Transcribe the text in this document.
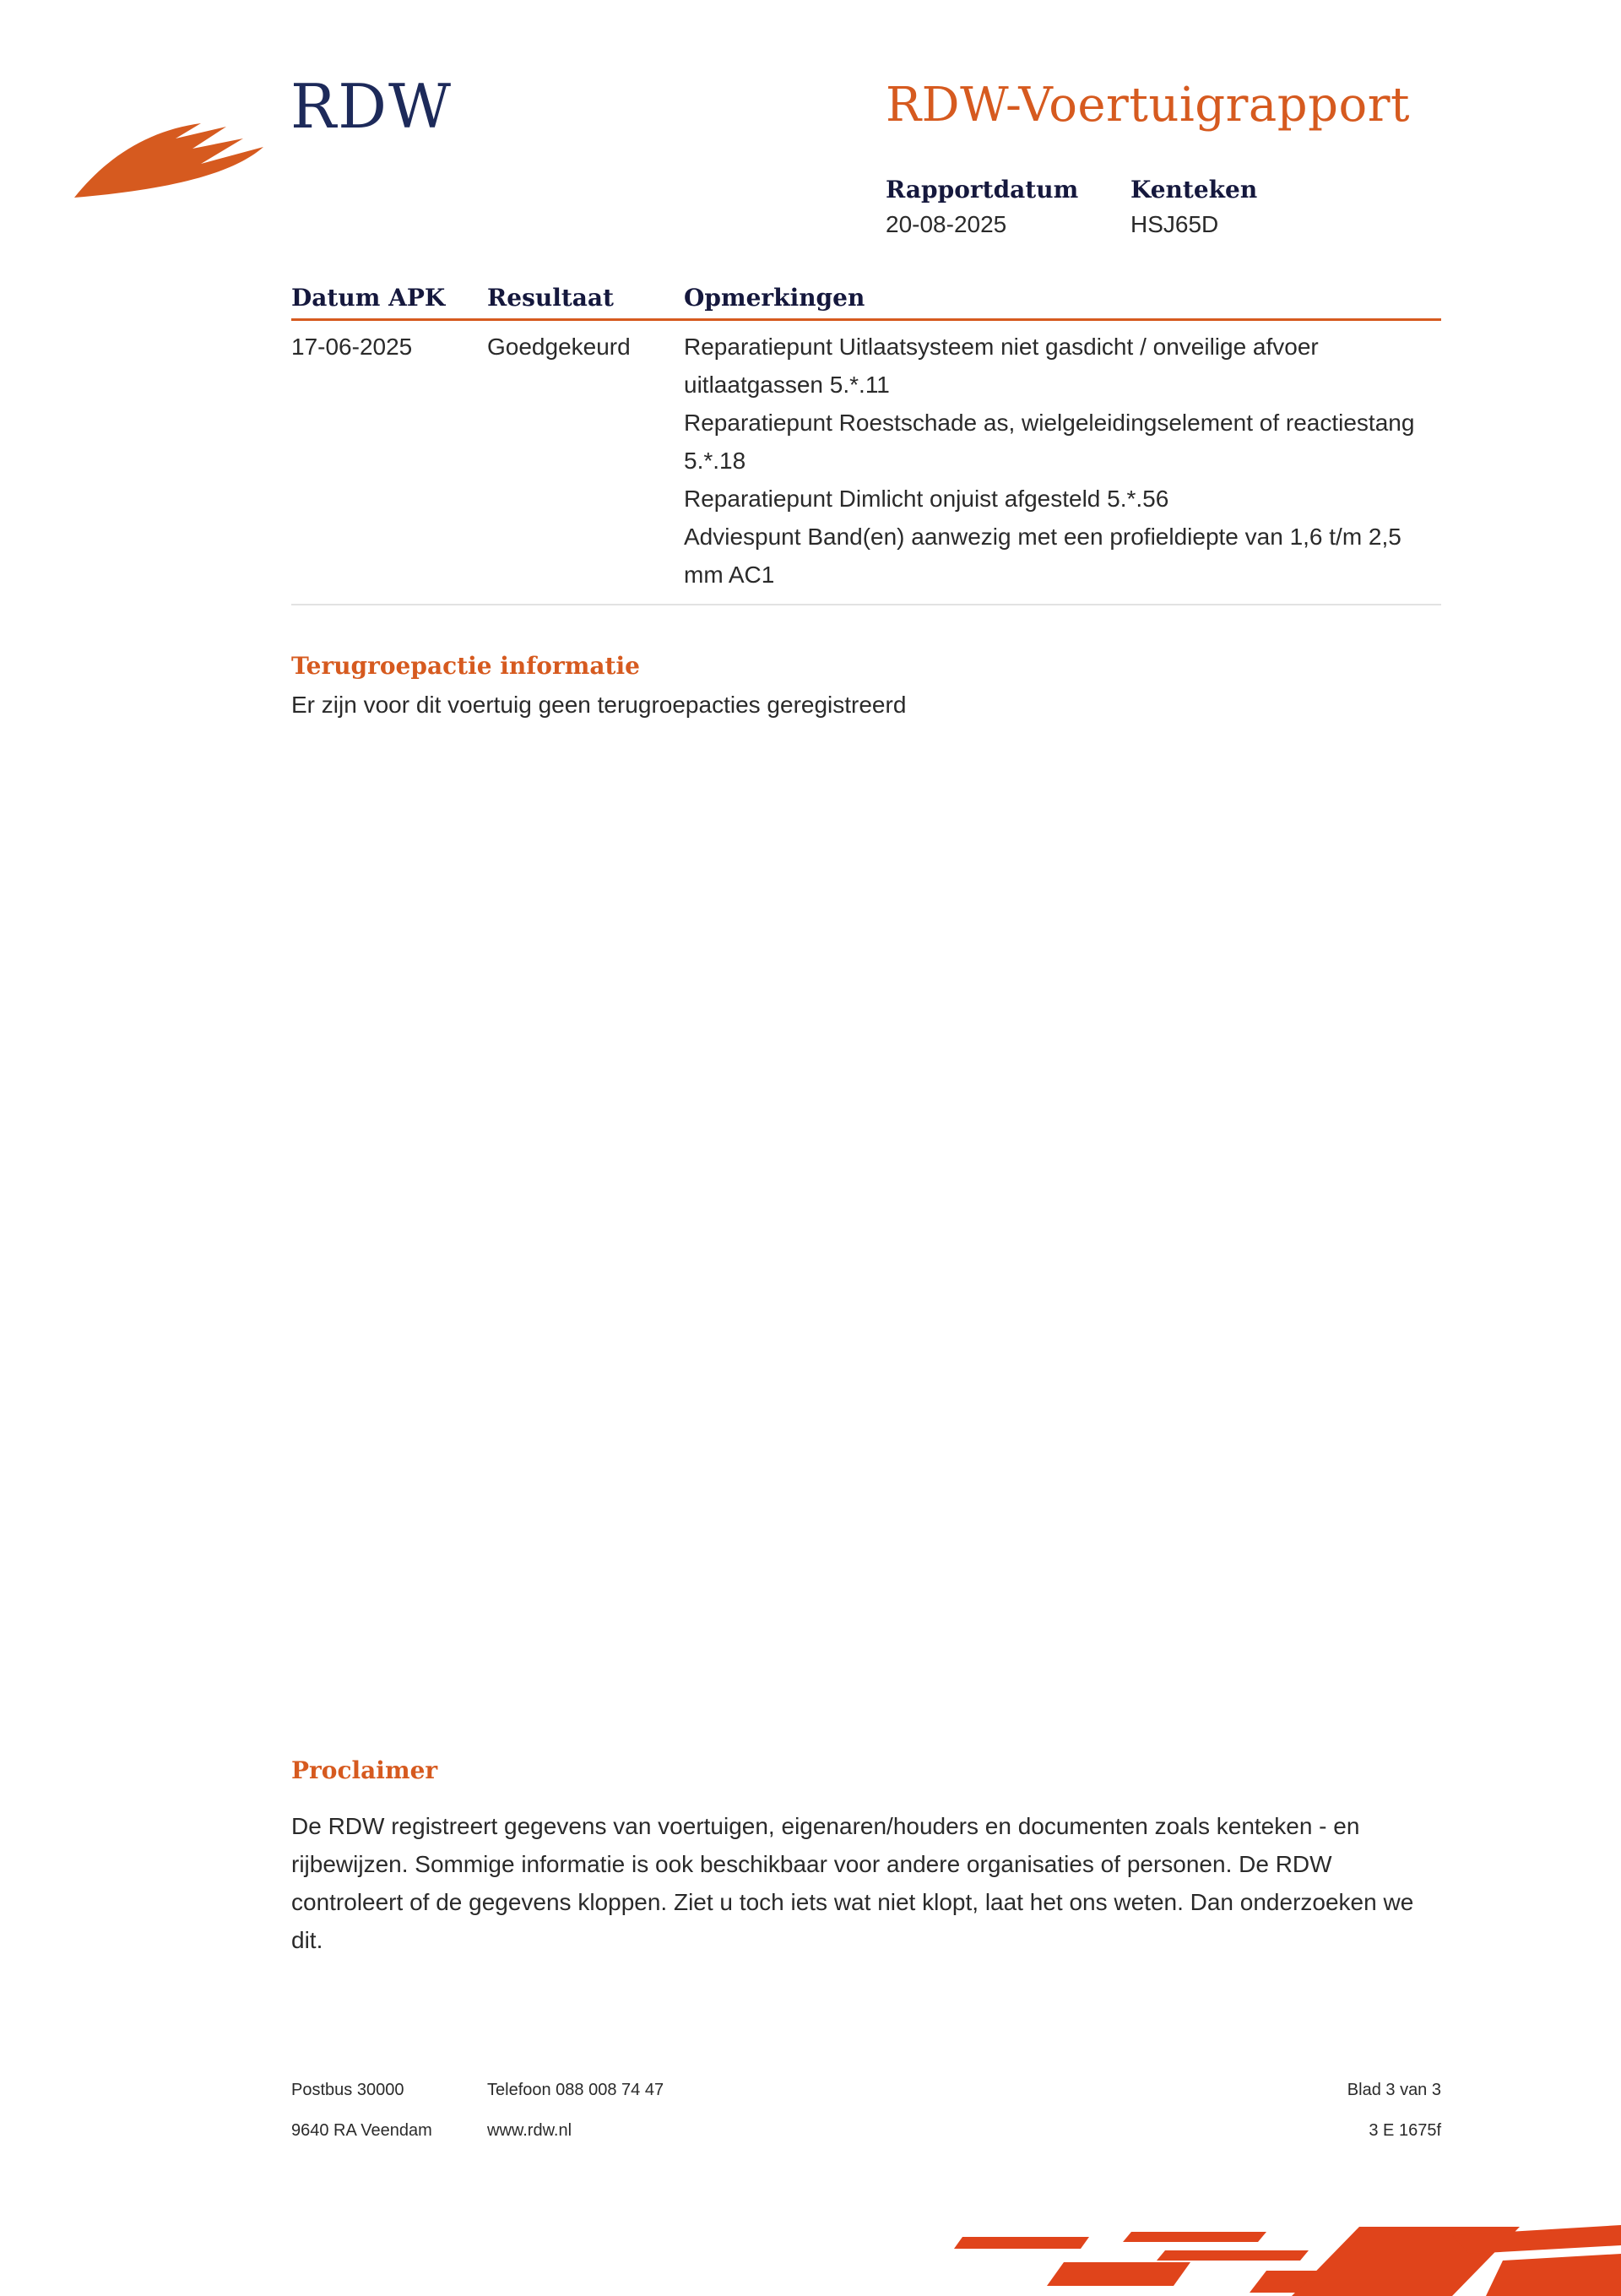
RDW	RDW-Voertuigrapport
Rapportdatum
20-08-2025
Kenteken
HSJ65D
Datum APK	Resultaat	Opmerkingen
17-06-2025	Goedgekeurd	Reparatiepunt Uitlaatsysteem niet gasdicht / onveilige afvoer uitlaatgassen 5.*.11
Reparatiepunt Roestschade as, wielgeleidingselement of reactiestang 5.*.18
Reparatiepunt Dimlicht onjuist afgesteld 5.*.56
Adviespunt Band(en) aanwezig met een profieldiepte van 1,6 t/m 2,5 mm AC1
Terugroepactie informatie
Er zijn voor dit voertuig geen terugroepacties geregistreerd
Proclaimer
De RDW registreert gegevens van voertuigen, eigenaren/houders en documenten zoals kenteken - en rijbewijzen. Sommige informatie is ook beschikbaar voor andere organisaties of personen. De RDW controleert of de gegevens kloppen. Ziet u toch iets wat niet klopt, laat het ons weten. Dan onderzoeken we dit.
Postbus 30000
9640 RA Veendam
Telefoon 088 008 74 47
www.rdw.nl
Blad 3 van 3
3 E 1675f
